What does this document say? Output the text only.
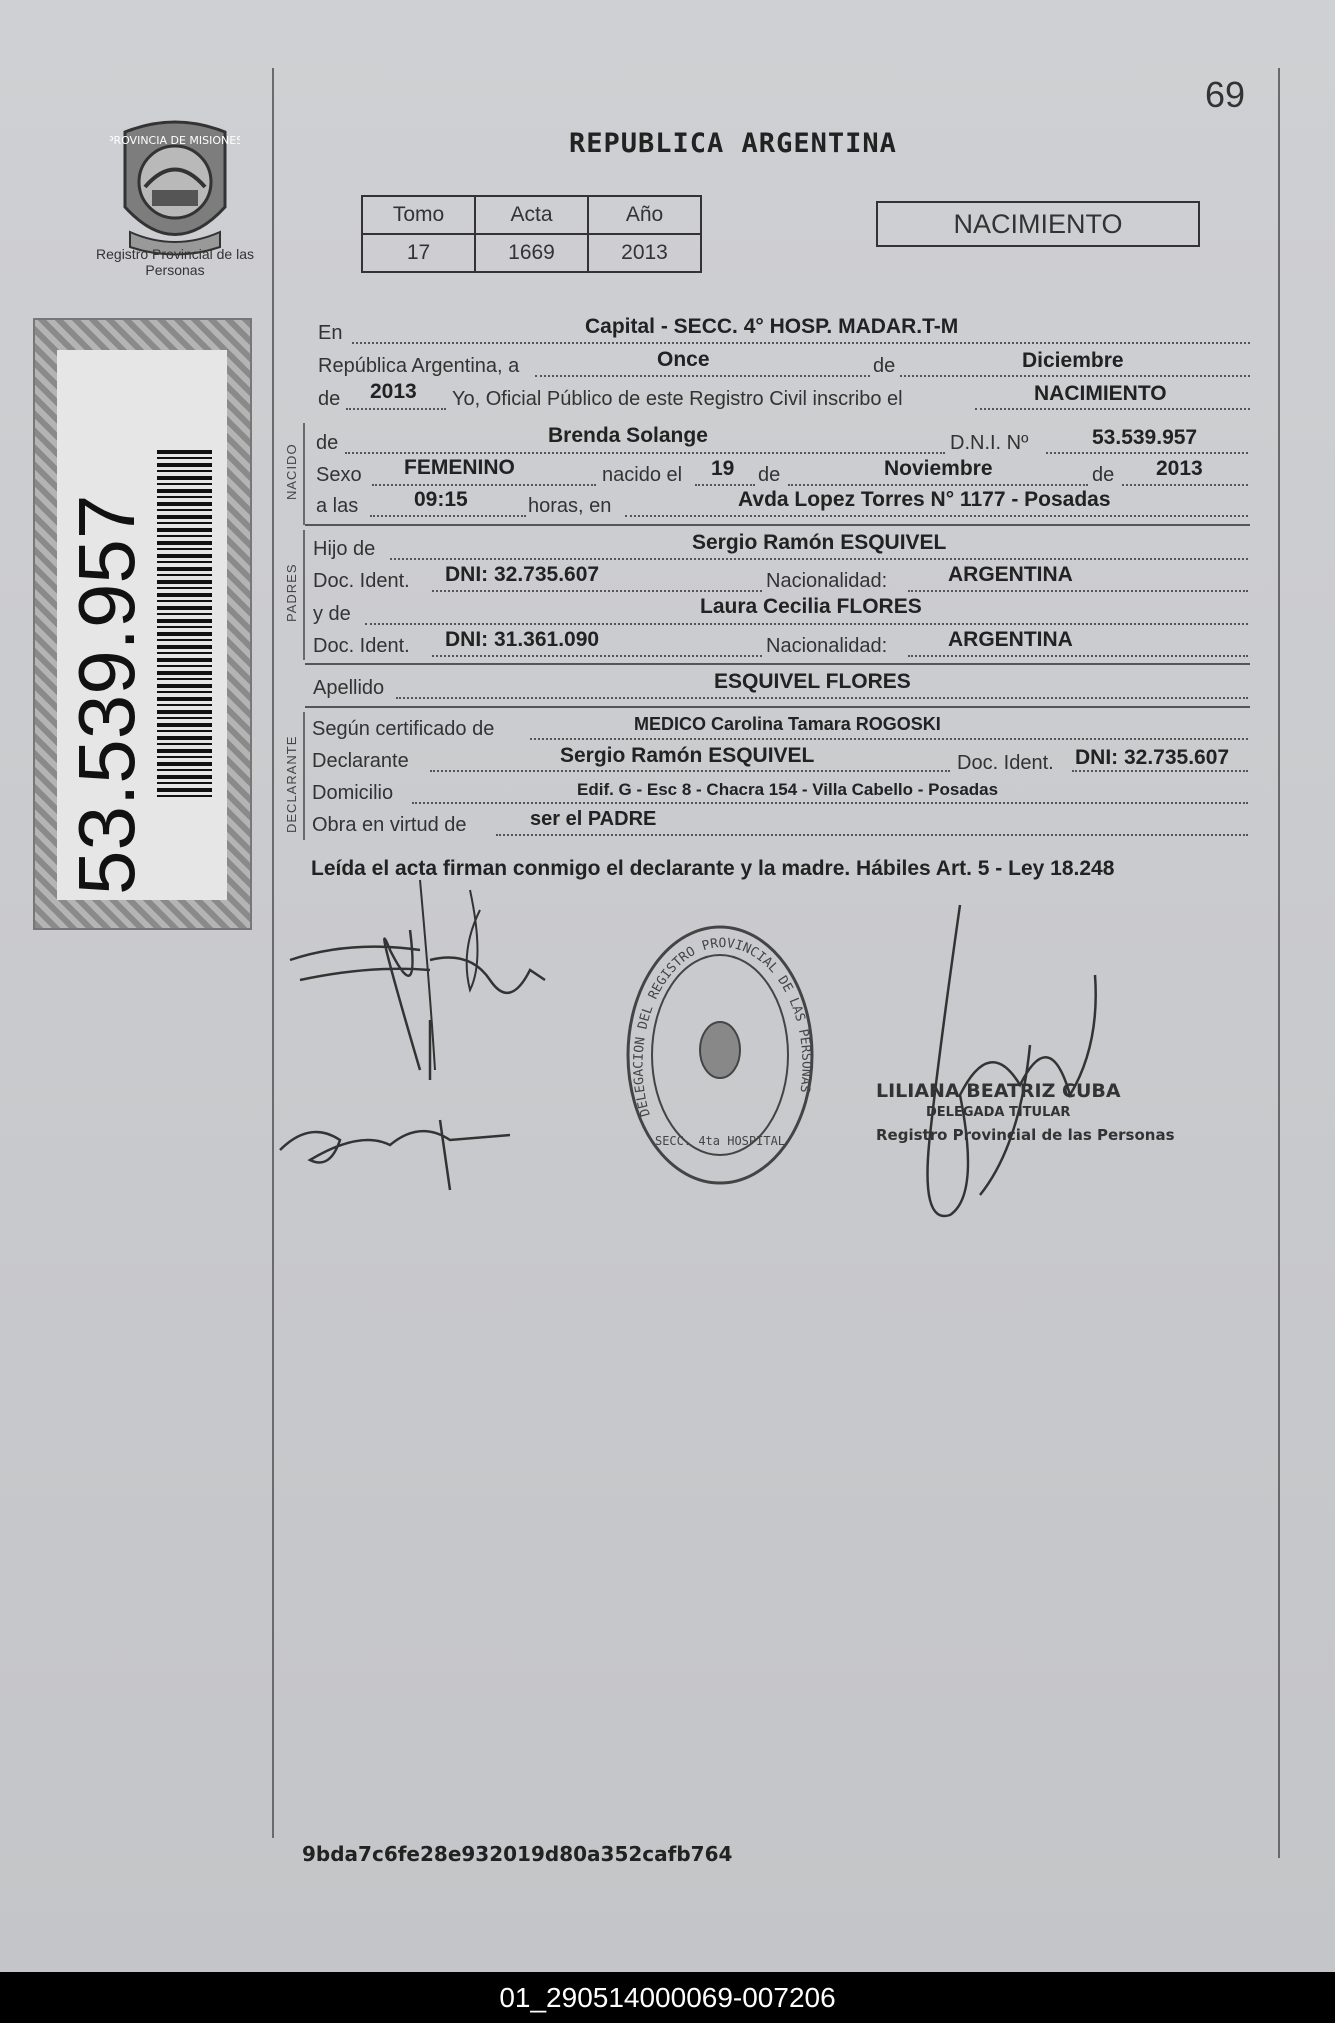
69
REPUBLICA ARGENTINA
PROVINCIA DE MISIONES
Registro Provincial de las Personas
53.539.957
Tomo	Acta	Año
17	1669	2013
NACIMIENTO
En	Capital - SECC. 4° HOSP. MADAR.T-M
República Argentina, a	Once	de	Diciembre
de 2013 Yo, Oficial Público de este Registro Civil inscribo el	NACIMIENTO
NACIDO
de	Brenda Solange	D.N.I. Nº	53.539.957
Sexo FEMENINO	nacido el 19 de	Noviembre	de 2013
a las	09:15	horas, en	Avda Lopez Torres N° 1177 - Posadas
PADRES
Hijo de	Sergio Ramón ESQUIVEL
Doc. Ident. DNI: 32.735.607	Nacionalidad:	ARGENTINA
y de	Laura Cecilia FLORES
Doc. Ident. DNI: 31.361.090	Nacionalidad:	ARGENTINA
Apellido	ESQUIVEL FLORES
DECLARANTE
Según certificado de	MEDICO Carolina Tamara ROGOSKI
Declarante	Sergio Ramón ESQUIVEL	Doc. Ident. DNI: 32.735.607
Domicilio	Edif. G - Esc 8 - Chacra 154 - Villa Cabello - Posadas
Obra en virtud de	ser el PADRE
Leída el acta firman conmigo el declarante y la madre. Hábiles Art. 5 - Ley 18.248
DELEGACION DEL REGISTRO PROVINCIAL DE LAS PERSONAS
SECC. 4ta HOSPITAL
LILIANA BEATRIZ CUBA
DELEGADA TITULAR
Registro Provincial de las Personas
9bda7c6fe28e932019d80a352cafb764
01_290514000069-007206
